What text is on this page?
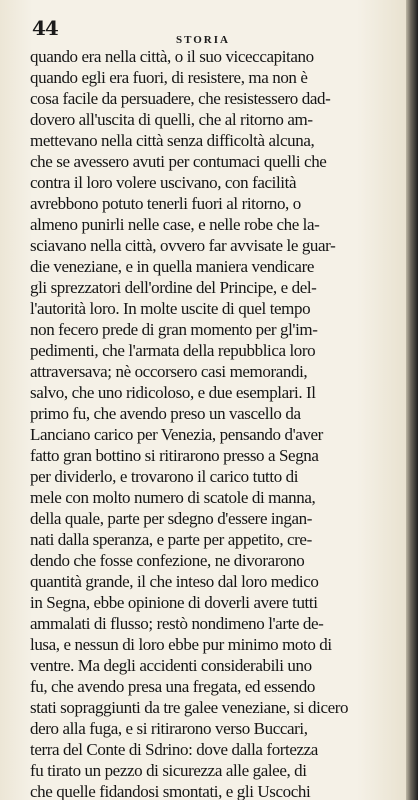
44	STORIA
quando era nella città, o il suo viceccapitano
quando egli era fuori, di resistere, ma non è
cosa facile da persuadere, che resistessero dad-
dovero all'uscita di quelli, che al ritorno am-
mettevano nella città senza difficoltà alcuna,
che se avessero avuti per contumaci quelli che
contra il loro volere uscivano, con facilità
avrebbono potuto tenerli fuori al ritorno, o
almeno punirli nelle case, e nelle robe che la-
sciavano nella città, ovvero far avvisate le guar-
die veneziane, e in quella maniera vendicare
gli sprezzatori dell'ordine del Principe, e del-
l'autorità loro. In molte uscite di quel tempo
non fecero prede di gran momento per gl'im-
pedimenti, che l'armata della repubblica loro
attraversava; nè occorsero casi memorandi,
salvo, che uno ridicoloso, e due esemplari. Il
primo fu, che avendo preso un vascello da
Lanciano carico per Venezia, pensando d'aver
fatto gran bottino si ritirarono presso a Segna
per dividerlo, e trovarono il carico tutto di
mele con molto numero di scatole di manna,
della quale, parte per sdegno d'essere ingan-
nati dalla speranza, e parte per appetito, cre-
dendo che fosse confezione, ne divorarono
quantità grande, il che inteso dal loro medico
in Segna, ebbe opinione di doverli avere tutti
ammalati di flusso; restò nondimeno l'arte de-
lusa, e nessun di loro ebbe pur minimo moto di
ventre. Ma degli accidenti considerabili uno
fu, che avendo presa una fregata, ed essendo
stati sopraggiunti da tre galee veneziane, si dicero
dero alla fuga, e si ritirarono verso Buccari,
terra del Conte di Sdrino: dove dalla fortezza
fu tirato un pezzo di sicurezza alle galee, di
che quelle fidandosi smontati, e gli Uscochi
